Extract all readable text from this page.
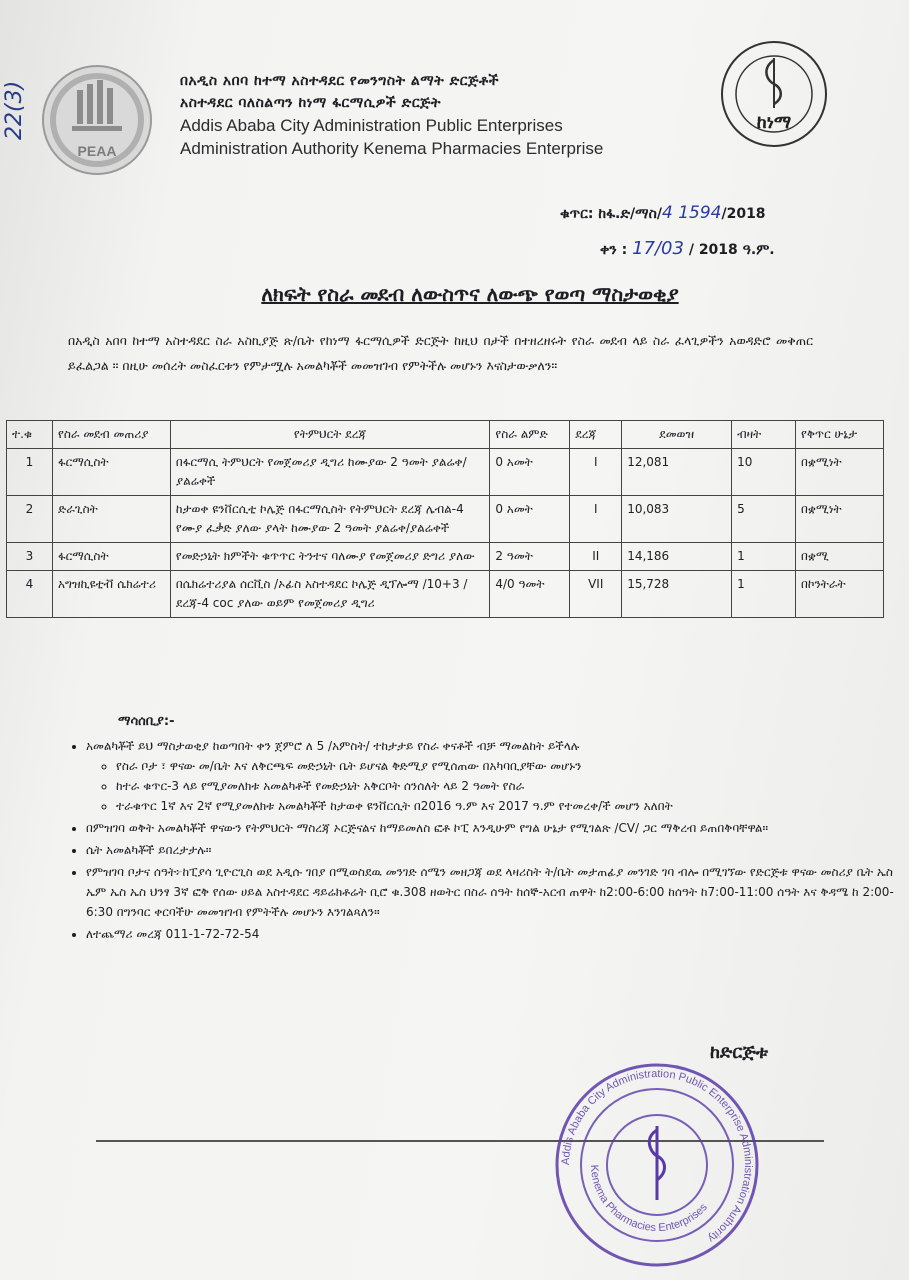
22(3)
PEAA
በአዲስ አበባ ከተማ አስተዳደር የመንግስት ልማት ድርጅቶች
አስተዳደር ባለስልጣን ከነማ ፋርማሲዎች ድርጅት
Addis Ababa City Administration Public Enterprises
Administration Authority Kenema Pharmacies Enterprise
ከነማ
ቁጥር: ከፋ.ድ/ማስ/4 1594/2018
ቀን : 17/03 / 2018 ዓ.ም.
ለክፍት የስራ መደብ ለውስጥና ለውጭ የወጣ ማስታወቂያ
በአዲስ አበባ ከተማ አስተዳደር ስራ አስኪያጅ ጽ/ቤት የከነማ ፋርማሲዎች ድርጅት ከዚህ በታች በተዘረዘሩት የስራ መደብ ላይ ስራ ፈላጊዎችን አወዳድሮ መቅጠር ይፈልጋል ። በዚሁ መሰረት መስፈርቱን የምታሟሉ አመልካቾች መመዝገብ የምትችሉ መሆኑን እናስታውቃለን።
ተ.ቁ	የስራ መደብ መጠሪያ	የትምህርት ደረጃ	የስራ ልምድ	ደረጃ	ደመወዝ	ብዛት	የቅጥር ሁኔታ
1	ፋርማሲስት	በፋርማሲ ትምህርት የመጀመሪያ ዲግሪ ከሙያው 2 ዓመት ያልሬቀ/ያልሬቀች	0 አመት	I	12,081	10	በቋሚነት
2	ድራጊስት	ከታወቀ ዩንቨርሲቲ ኮሌጅ በፋርማሲስት የትምህርት ደረጃ ሌብል-4 የሙያ ፈቃድ ያለው ያላት ከሙያው 2 ዓመት ያልሬቀ/ያልሬቀች	0 አመት	I	10,083	5	በቋሚነት
3	ፋርማሲስት	የመድኃኒት ክምችት ቁጥጥር ትንተና ባለሙያ የመጀመሪያ ድግሪ ያለው	2 ዓመት	II	14,186	1	በቋሚ
4	አግዝኪዩቲቭ ሴክሬተሪ	በሴክሬተሪያል ሰርቪስ /ኦፊስ አስተዳደር ኮሌጅ ዲፕሎማ /10+3 / ደረጃ-4 coc ያለው ወይም የመጀመሪያ ዲግሪ	4/0 ዓመት	VII	15,728	1	በኮንትራት
ማሳሰቢያ:-
• አመልካቾች ይህ ማስታወቂያ ከወጣበት ቀን ጀምሮ ለ 5 /አምስት/ ተከታታይ የስራ ቀናቶች ብቻ ማመልከት ይችላሉ
◦ የስራ ቦታ ፣ ዋናው መ/ቤት እና ለቅርጫፍ መድኃኒት ቤት ይሆናል ቅድሚያ የሚሰጠው በአካባቢያቸው መሆኑን
◦ ከተራ ቁጥር-3 ላይ የሚያመለክቱ አመልካቶች የመድኃኒት አቅርቦት ሰንሰለት ላይ 2 ዓመት የስራ
◦ ተራቁጥር 1ኛ እና 2ኛ የሚያመለክቱ አመልካቾች ከታወቀ ዩንቨርሲት በ2016 ዓ.ም እና 2017 ዓ.ም የተመረቀ/ች መሆን አለበት
• በምዝገባ ወቅት አመልካቾች ዋናውን የትምህርት ማስረጃ ኦርጅናልና ከማይመለስ ፎቶ ኮፒ እንዲሁም የግል ሁኔታ የሚገልጽ /CV/ ጋር ማቅረብ ይጠበቅባቸዋል።
• ሴት አመልካቾች ይበረታታሉ።
• የምዝገባ ቦታና ሰዓት፦ከፒያሳ ጊዮርጊስ ወደ አዲሱ ገበያ በሚወስደዉ መንገድ ሰሜን መዘጋጃ ወደ ላዛሪስት ት/ቤት መታጠፊያ መንገድ ገባ ብሎ በሚገኘው የድርጅቱ ዋናው መስሪያ ቤት ኤስ ኤም ኤስ ኤስ ህንፃ 3ኛ ፎቅ የሰው ሀይል አስተዳደር ዳይሬክቶሬት ቢሮ ቁ.308 ዘወትር በስራ ሰዓት ከሰኞ-አርብ ጠዋት ከ2:00-6:00 ከሰዓት ከ7:00-11:00 ሰዓት እና ቅዳሜ ከ 2:00-6:30 በግንባር ቀርባችሁ መመዝገብ የምትችሉ መሆኑን እንገልጻለን።
• ለተጨማሪ መረጃ 011-1-72-72-54
ከድርጅቱ
Addis Ababa City Administration Public Enterprise Administration Authority
Kenema Pharmacies Enterprises
